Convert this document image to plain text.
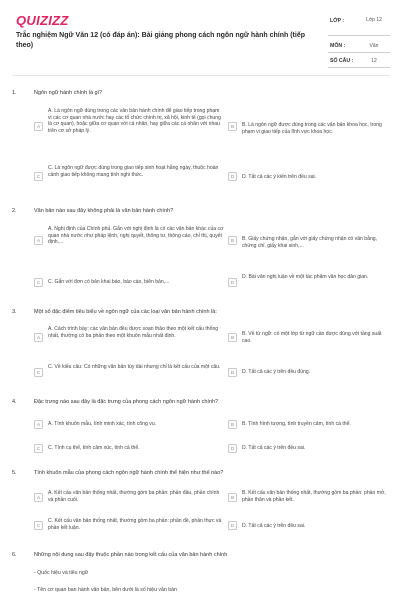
QUIZIZZ
Trắc nghiệm Ngữ Văn 12 (có đáp án): Bài giảng phong cách ngôn ngữ hành chính (tiếp theo)
LỚP :	Lớp 12
MÔN :	Văn
SỐ CÂU :	12
1.	Ngôn ngữ hành chính là gì?
A
A. Là ngôn ngữ dùng trong các văn bản hành chính để giao tiếp trong phạm vi các cơ quan nhà nước hay các tổ chức chính trị, xã hội, kinh tế (gọi chung là cơ quan), hoặc giữa cơ quan với cá nhân, hay giữa các cá nhân với nhau trên cơ sở pháp lý.
B	B. Là ngôn ngữ được dùng trong các văn bản khoa học, trong phạm vi giao tiếp của lĩnh vực khoa học.
C
C. Là ngôn ngữ được dùng trong giao tiếp sinh hoạt hằng ngày, thuộc hoàn cảnh giao tiếp không mang tính nghi thức.	D	D. Tất cả các ý kiến trên đều sai.
2.	Văn bản nào sau đây không phải là văn bản hành chính?
A
A. Nghị định của Chính phủ. Gắn với nghị định là có các văn bản khác của cơ quan nhà nước như pháp lệnh, nghị quyết, thông tư, thông cáo, chỉ thị, quyết định,...	B	B. Giấy chứng nhận, gắn với giấy chứng nhận có văn bằng, chứng chỉ, giấy khai sinh,...
C	C. Gắn với đơn có bản khai báo, báo cáo, biên bản,...	D
D. Bài văn nghị luận về một tác phẩm văn học dân gian.
3.	Một số đặc điểm tiêu biểu về ngôn ngữ của các loại văn bản hành chính là:
A
A. Cách trình bày: các văn bản đều được soạn thảo theo một kết cấu thống nhất, thường có ba phần theo một khuôn mẫu nhất định.	B
B. Về từ ngữ: có một lớp từ ngữ cần được dùng với tầng suất cao.
C
C. Về kiểu câu: Có những văn bản tùy dài nhưng chỉ là kết cấu của một câu.
D	D. Tất cả các ý trên đều đúng.
4.	Đặc trưng nào sau đây là đặc trưng của phong cách ngôn ngữ hành chính?
A	A. Tính khuôn mẫu, tính minh xác, tính công vụ.	B	B. Tính hình tượng, tính truyền cảm, tính cá thể.
C	C. Tính cụ thể, tính cảm xúc, tính cá thể.	D	D. Tất cả các ý trên đều sai.
5.	Tính khuôn mẫu của phong cách ngôn ngữ hành chính thể hiện như thế nào?
A
A. Kết cấu văn bản thống nhất, thường gồm ba phần: phần đầu, phần chính và phần cuối.	B
B. Kết cấu văn bản thống nhất, thường gồm ba phần: phần mở, phần thân và phần kết.
C
C. Kết cấu văn bản thống nhất, thường gồm ba phần: phần đề, phần thực và phần kết luận.	D	D. Tất cả các ý trên đều sai.
6.	Những nội dung sau đây thuộc phần nào trong kết cấu của văn bản hành chính
- Quốc hiệu và tiêu ngữ
- Tên cơ quan ban hành văn bản, bên dưới là số hiệu văn bản
